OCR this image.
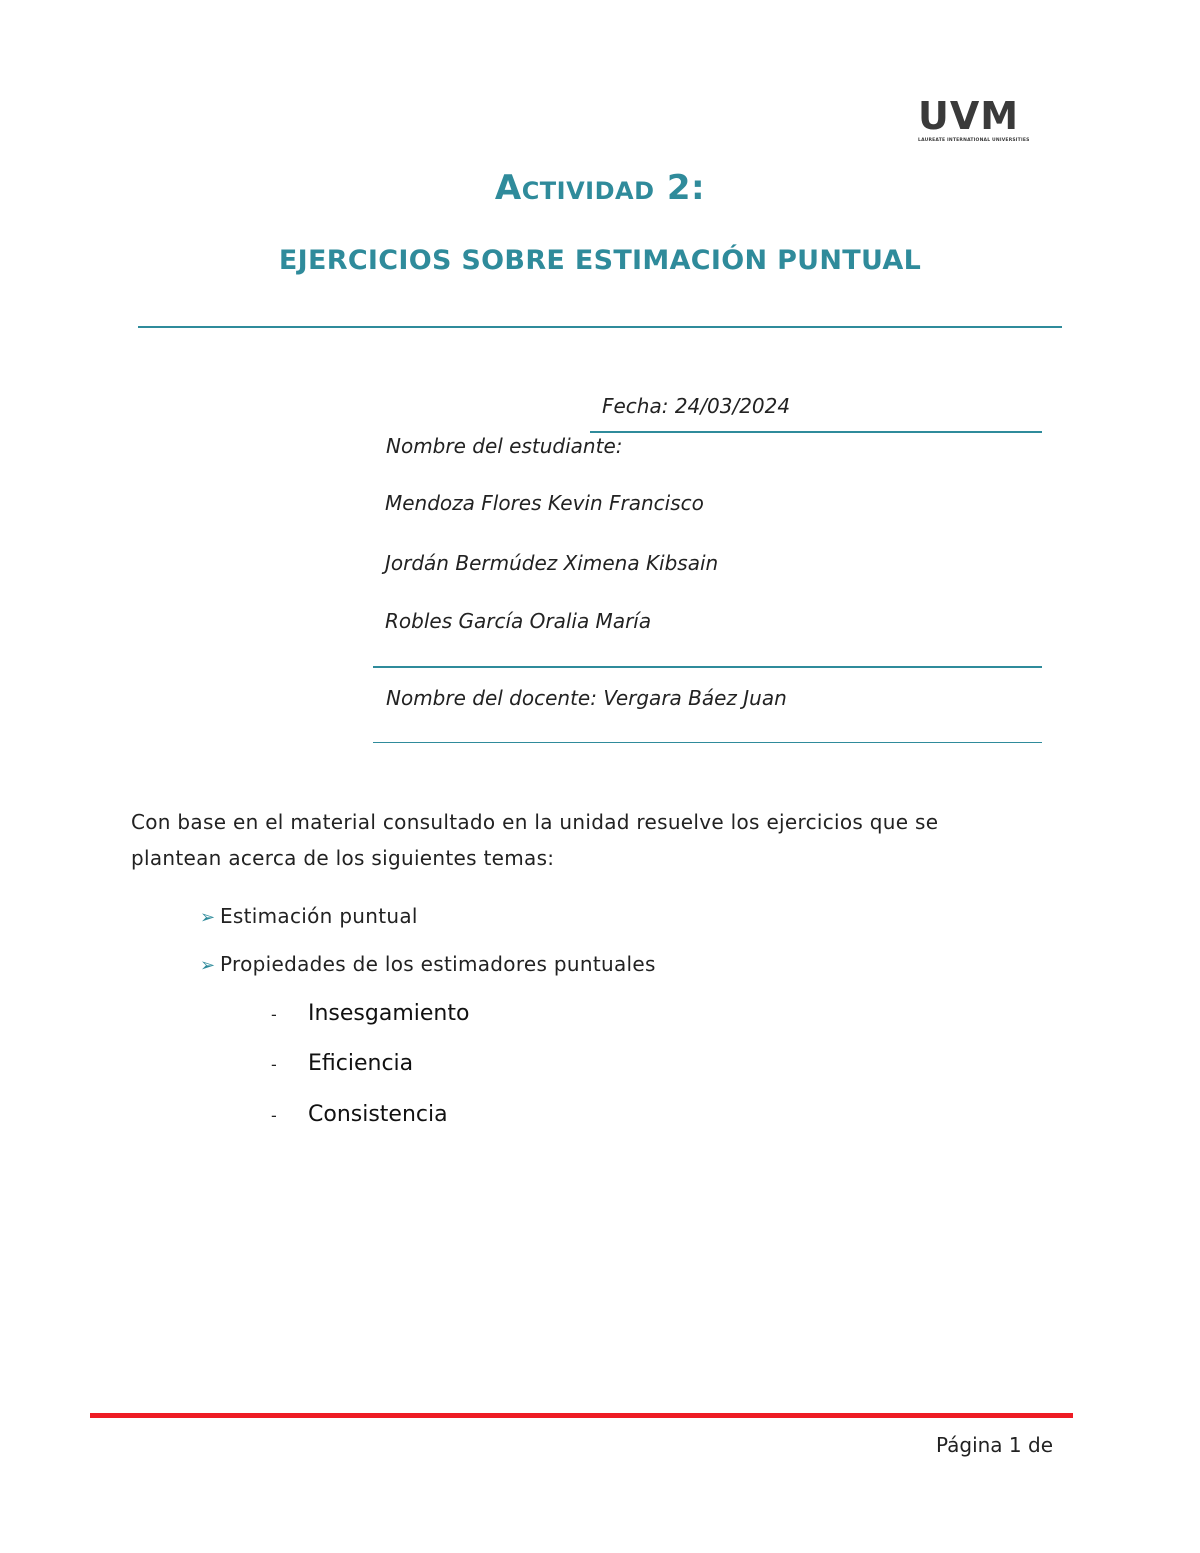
UVM
LAUREATE INTERNATIONAL UNIVERSITIES
Actividad 2:
EJERCICIOS SOBRE ESTIMACIÓN PUNTUAL
Fecha: 24/03/2024
Nombre del estudiante:
Mendoza Flores Kevin Francisco
Jordán Bermúdez Ximena Kibsain
Robles García Oralia María
Nombre del docente: Vergara Báez Juan
Con base en el material consultado en la unidad resuelve los ejercicios que se
plantean acerca de los siguientes temas:
➢ Estimación puntual
➢ Propiedades de los estimadores puntuales
- Insesgamiento
- Eficiencia
- Consistencia
Página 1 de
